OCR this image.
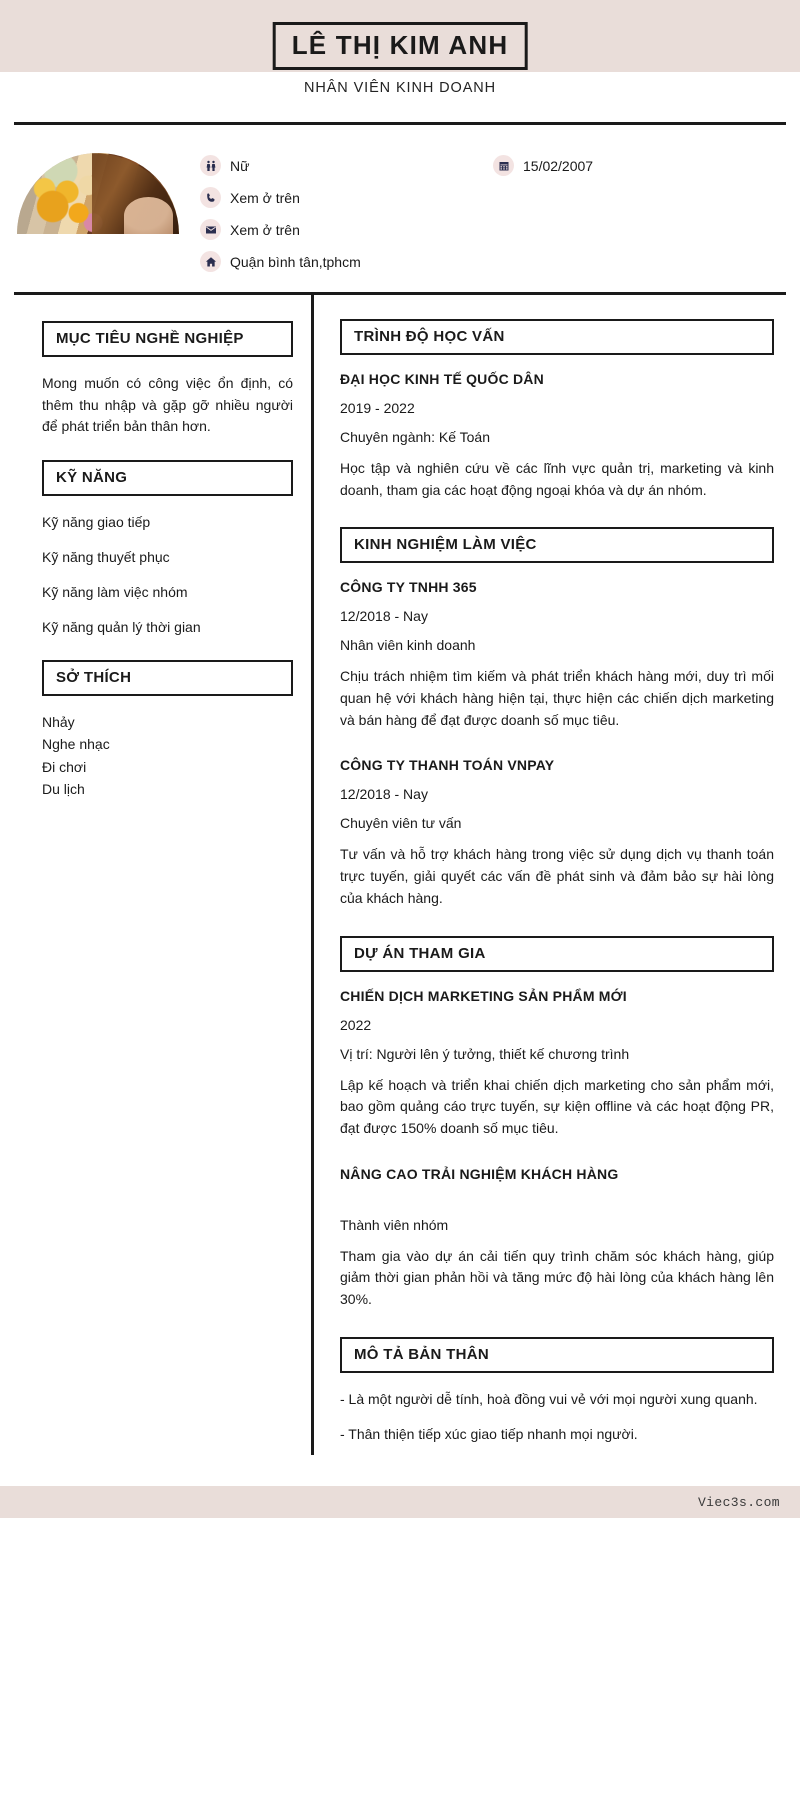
LÊ THỊ KIM ANH
NHÂN VIÊN KINH DOANH
Nữ	15/02/2007
Xem ở trên
Xem ở trên
Quận bình tân,tphcm
MỤC TIÊU NGHỀ NGHIỆP
Mong muốn có công việc ổn định, có thêm thu nhập và gặp gỡ nhiều người để phát triển bản thân hơn.
KỸ NĂNG
Kỹ năng giao tiếp
Kỹ năng thuyết phục
Kỹ năng làm việc nhóm
Kỹ năng quản lý thời gian
SỞ THÍCH
Nhảy
Nghe nhạc
Đi chơi
Du lịch
TRÌNH ĐỘ HỌC VẤN
ĐẠI HỌC KINH TẾ QUỐC DÂN
2019 - 2022
Chuyên ngành: Kế Toán
Học tập và nghiên cứu về các lĩnh vực quản trị, marketing và kinh doanh, tham gia các hoạt động ngoại khóa và dự án nhóm.
KINH NGHIỆM LÀM VIỆC
CÔNG TY TNHH 365
12/2018 - Nay
Nhân viên kinh doanh
Chịu trách nhiệm tìm kiếm và phát triển khách hàng mới, duy trì mối quan hệ với khách hàng hiện tại, thực hiện các chiến dịch marketing và bán hàng để đạt được doanh số mục tiêu.
CÔNG TY THANH TOÁN VNPAY
12/2018 - Nay
Chuyên viên tư vấn
Tư vấn và hỗ trợ khách hàng trong việc sử dụng dịch vụ thanh toán trực tuyến, giải quyết các vấn đề phát sinh và đảm bảo sự hài lòng của khách hàng.
DỰ ÁN THAM GIA
CHIẾN DỊCH MARKETING SẢN PHẨM MỚI
2022
Vị trí: Người lên ý tưởng, thiết kế chương trình
Lập kế hoạch và triển khai chiến dịch marketing cho sản phẩm mới, bao gồm quảng cáo trực tuyến, sự kiện offline và các hoạt động PR, đạt được 150% doanh số mục tiêu.
NÂNG CAO TRẢI NGHIỆM KHÁCH HÀNG
Thành viên nhóm
Tham gia vào dự án cải tiến quy trình chăm sóc khách hàng, giúp giảm thời gian phản hồi và tăng mức độ hài lòng của khách hàng lên 30%.
MÔ TẢ BẢN THÂN
- Là một người dễ tính, hoà đồng vui vẻ với mọi người xung quanh.
- Thân thiện tiếp xúc giao tiếp nhanh mọi người.
Viec3s.com
